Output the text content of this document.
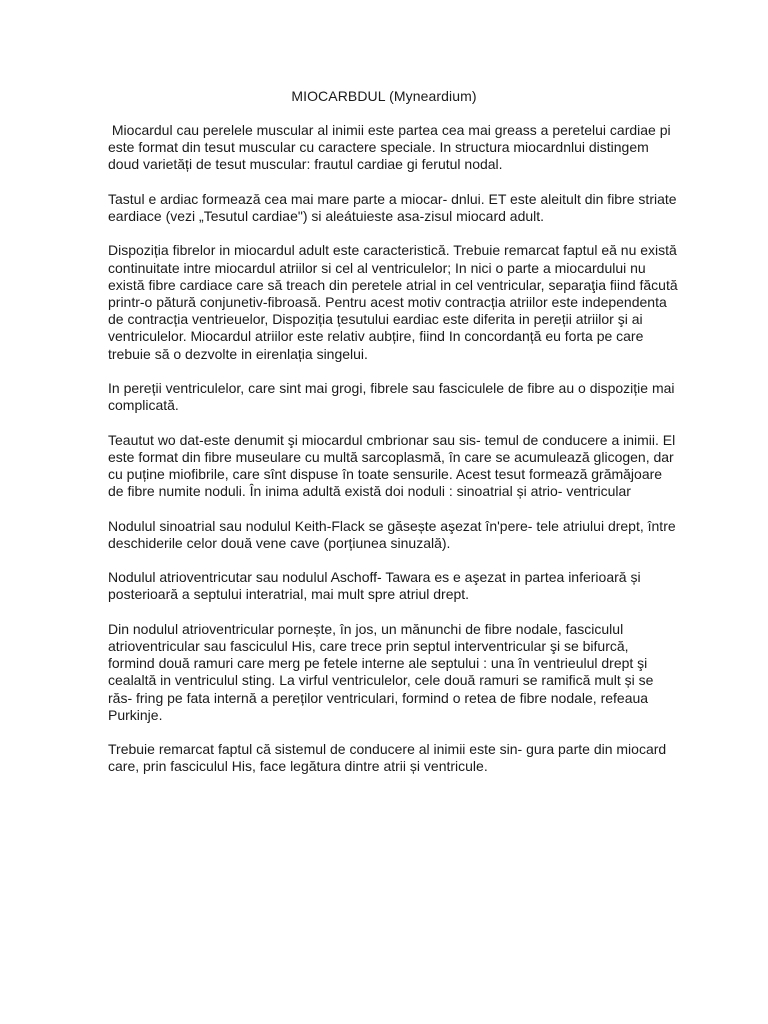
MIOCARBDUL (Myneardium)

Miocardul cau perelele muscular al inimii este partea cea mai greass a peretelui cardiae pi este format din tesut muscular cu caractere speciale. In structura miocardnlui distingem doud varietăți de tesut muscular: frautul cardiae gi ferutul nodal.

Tastul e ardiac formează cea mai mare parte a miocar- dnlui. ET este aleitult din fibre striate eardiace (vezi „Tesutul cardiae") si aleátuieste asa-zisul miocard adult.

Dispoziția fibrelor in miocardul adult este caracteristică. Trebuie remarcat faptul eă nu există continuitate intre miocardul atriilor si cel al ventriculelor; In nici o parte a miocardului nu există fibre cardiace care să treach din peretele atrial in cel ventricular, separaţia fiind făcută printr-o pătură conjunetiv-fibroasă. Pentru acest motiv contracția atriilor este independenta de contracția ventrieuelor, Dispoziția țesutului eardiac este diferita in pereții atriilor şi ai ventriculelor. Miocardul atriilor este relativ aubțire, fiind In concordanță eu forta pe care trebuie să o dezvolte in eirenlația singelui.

In pereții ventriculelor, care sint mai grogi, fibrele sau fasciculele de fibre au o dispoziție mai complicată.

Teautut wo dat-este denumit şi miocardul cmbrionar sau sis- temul de conducere a inimii. El este format din fibre museulare cu multă sarcoplasmă, în care se acumulează glicogen, dar cu puține miofibrile, care sînt dispuse în toate sensurile. Acest tesut formează grămăjoare de fibre numite noduli. În inima adultă există doi noduli : sinoatrial și atrio- ventricular

Nodulul sinoatrial sau nodulul Keith-Flack se găsește aşezat în'pere- tele atriului drept, între deschiderile celor două vene cave (porțiunea sinuzală).

Nodulul atrioventricutar sau nodulul Aschoff- Tawara es e aşezat in partea inferioară și posterioară a septului interatrial, mai mult spre atriul drept.

Din nodulul atrioventricular pornește, în jos, un mănunchi de fibre nodale, fasciculul atrioventricular sau fasciculul His, care trece prin septul interventricular şi se bifurcă, formind două ramuri care merg pe fetele interne ale septului : una în ventrieulul drept şi cealaltă in ventriculul sting. La virful ventriculelor, cele două ramuri se ramifică mult și se răs- fring pe fata internă a pereților ventriculari, formind o retea de fibre nodale, refeaua Purkinje.

Trebuie remarcat faptul că sistemul de conducere al inimii este sin- gura parte din miocard care, prin fasciculul His, face legătura dintre atrii și ventricule.
